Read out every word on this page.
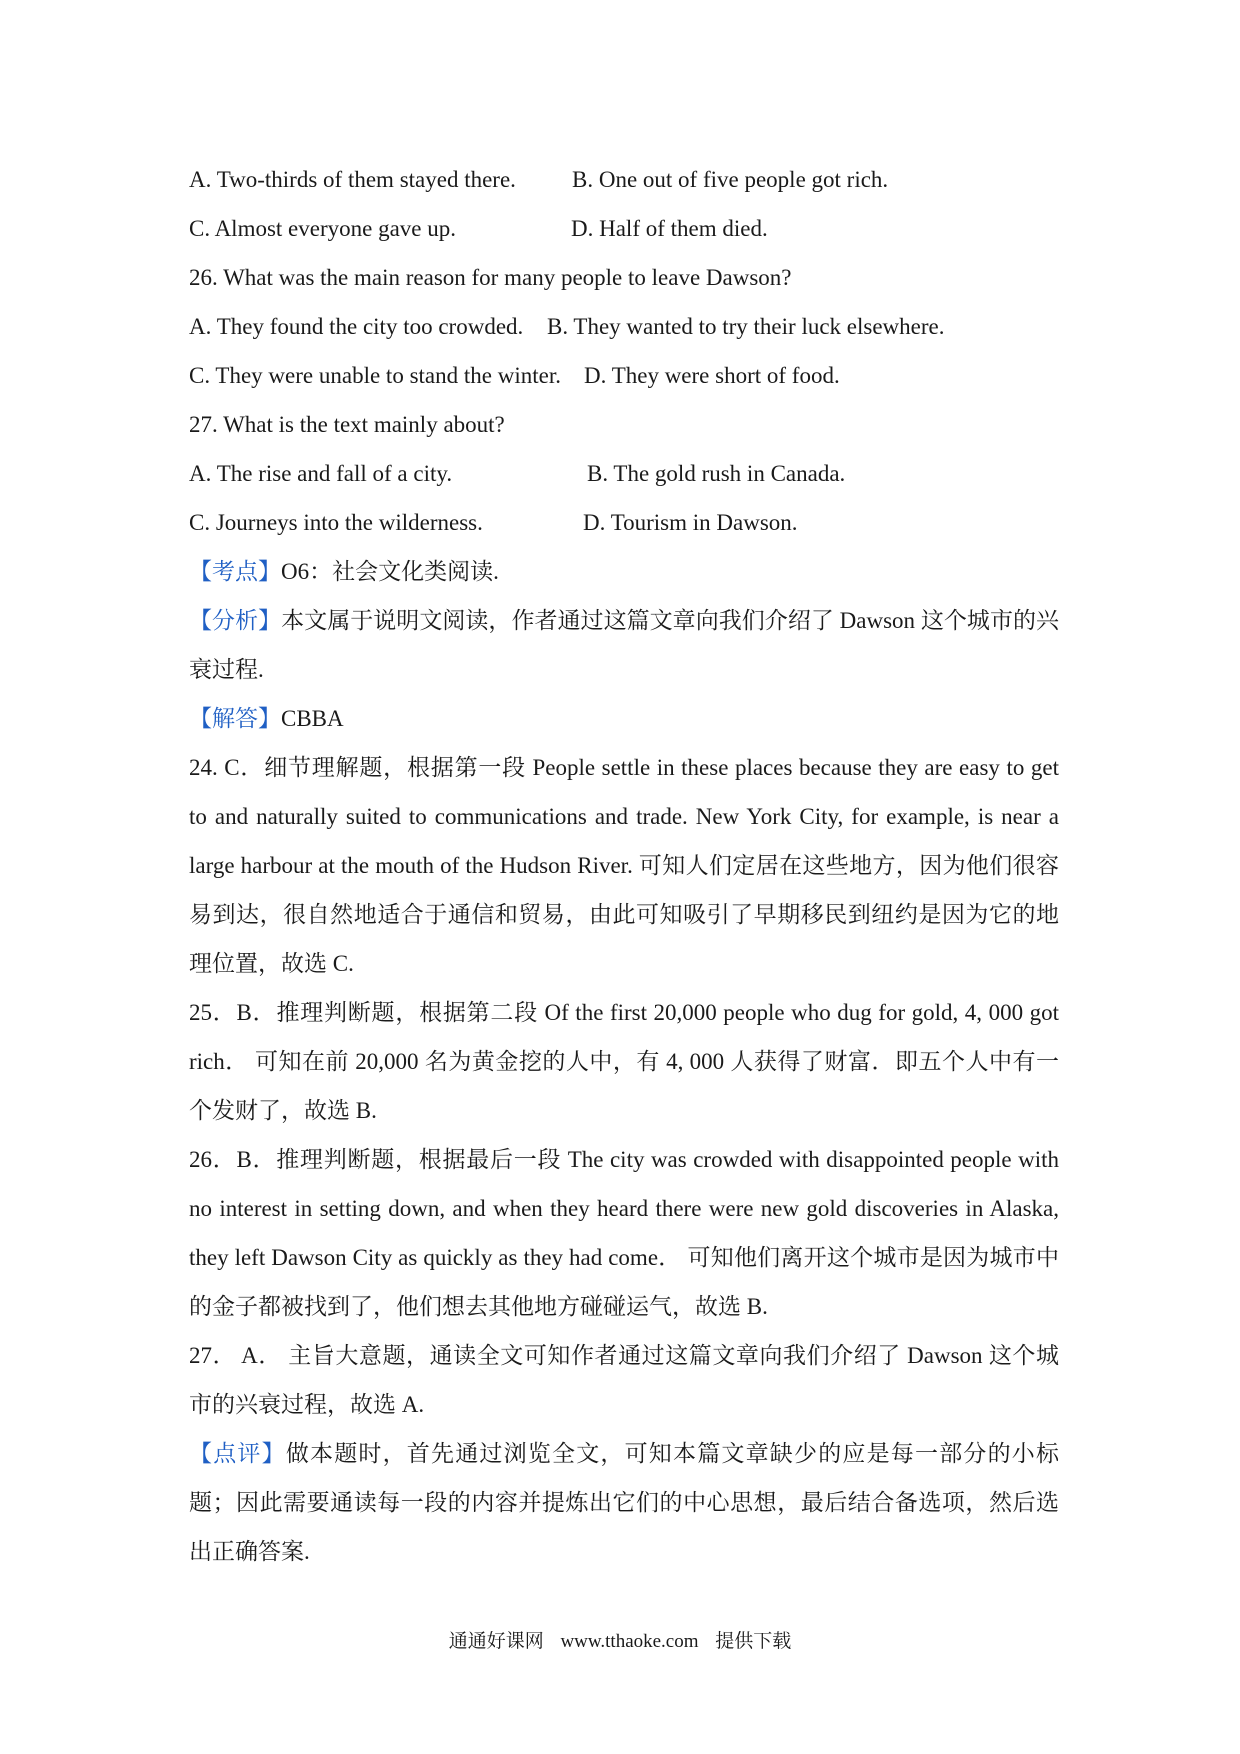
A. Two-thirds of them stayed there.	B. One out of five people got rich.
C. Almost everyone gave up.	D. Half of them died.
26. What was the main reason for many people to leave Dawson?
A. They found the city too crowded.	B. They wanted to try their luck elsewhere.
C. They were unable to stand the winter.	D. They were short of food.
27. What is the text mainly about?
A. The rise and fall of a city.	B. The gold rush in Canada.
C. Journeys into the wilderness.	D. Tourism in Dawson.
【考点】O6：社会文化类阅读.
【分析】本文属于说明文阅读，作者通过这篇文章向我们介绍了 Dawson 这个城市的兴衰过程.
【解答】CBBA
24. C．细节理解题，根据第一段 People settle in these places because they are easy to get to and naturally suited to communications and trade. New York City, for example, is near a large harbour at the mouth of the Hudson River. 可知人们定居在这些地方，因为他们很容易到达，很自然地适合于通信和贸易，由此可知吸引了早期移民到纽约是因为它的地理位置，故选 C.
25．B．推理判断题，根据第二段 Of the first 20,000 people who dug for gold, 4, 000 got rich． 可知在前 20,000 名为黄金挖的人中，有 4, 000 人获得了财富．即五个人中有一个发财了，故选 B.
26．B．推理判断题，根据最后一段 The city was crowded with disappointed people with no interest in setting down, and when they heard there were new gold discoveries in Alaska, they left Dawson City as quickly as they had come． 可知他们离开这个城市是因为城市中的金子都被找到了，他们想去其他地方碰碰运气，故选 B.
27． A． 主旨大意题，通读全文可知作者通过这篇文章向我们介绍了 Dawson 这个城市的兴衰过程，故选 A.
【点评】做本题时，首先通过浏览全文，可知本篇文章缺少的应是每一部分的小标题；因此需要通读每一段的内容并提炼出它们的中心思想，最后结合备选项，然后选出正确答案.
通通好课网 www.tthaoke.com 提供下载
